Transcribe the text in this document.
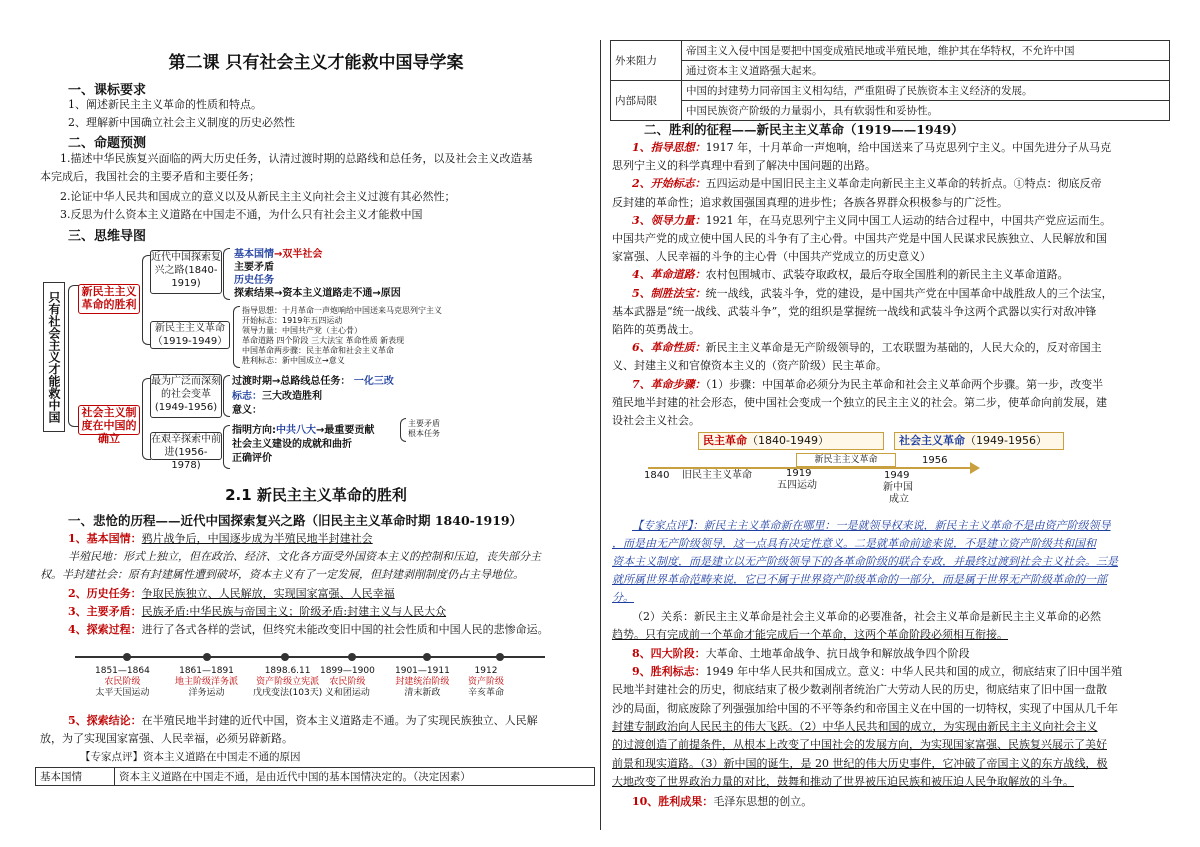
第二课 只有社会主义才能救中国导学案
一、课标要求
1、阐述新民主主义革命的性质和特点。
2、理解新中国确立社会主义制度的历史必然性
二、命题预测
1.描述中华民族复兴面临的两大历史任务，认清过渡时期的总路线和总任务，以及社会主义改造基
本完成后，我国社会的主要矛盾和主要任务；
2.论证中华人民共和国成立的意义以及从新民主主义向社会主义过渡有其必然性；
3.反思为什么资本主义道路在中国走不通，为什么只有社会主义才能救中国
三、思维导图
只有社会主义才能救中国	新民主主义革命的胜利
近代中国探索复兴之路(1840-1919)
基本国情→双半社会
主要矛盾
历史任务
探索结果→资本主义道路走不通→原因
新民主主义革命（1919-1949）
指导思想：十月革命一声炮响给中国送来马克思列宁主义
开始标志：1919年五四运动
领导力量：中国共产党（主心骨）
革命道路 四个阶段 三大法宝 革命性质 新表现
中国革命两步骤：民主革命和社会主义革命
胜利标志：新中国成立→意义
社会主义制度在中国的确立
最为广泛而深刻的社会变革(1949-1956)
过渡时期→总路线总任务： 一化三改
标志：三大改造胜利
意义：
在艰辛探索中前进(1956-1978)
指明方向:中共八大→最重要贡献
主要矛盾
根本任务
社会主义建设的成就和曲折
正确评价
2.1 新民主主义革命的胜利
一、悲怆的历程——近代中国探索复兴之路（旧民主主义革命时期 1840-1919）
1、基本国情：鸦片战争后，中国逐步成为半殖民地半封建社会
半殖民地：形式上独立，但在政治、经济、文化各方面受外国资本主义的控制和压迫，丧失部分主
权。半封建社会：原有封建属性遭到破坏，资本主义有了一定发展，但封建剥削制度仍占主导地位。
2、历史任务：争取民族独立、人民解放，实现国家富强、人民幸福
3、主要矛盾：民族矛盾:中华民族与帝国主义；阶级矛盾:封建主义与人民大众
4、探索过程：进行了各式各样的尝试，但终究未能改变旧中国的社会性质和中国人民的悲惨命运。
1851—1864
农民阶级
太平天国运动
1861—1891
地主阶级洋务派
洋务运动
1898.6.11
资产阶级立宪派
戊戌变法(103天)
1899—1900
农民阶级
义和团运动
1901—1911
封建统治阶级
清末新政
1912
资产阶级
辛亥革命
5、探索结论：在半殖民地半封建的近代中国，资本主义道路走不通。为了实现民族独立、人民解
放，为了实现国家富强、人民幸福，必须另辟新路。
【专家点评】资本主义道路在中国走不通的原因
基本国情	资本主义道路在中国走不通，是由近代中国的基本国情决定的。（决定因素）
外来阻力	帝国主义入侵中国是要把中国变成殖民地或半殖民地，维护其在华特权，不允许中国
	通过资本主义道路强大起来。
内部局限	中国的封建势力同帝国主义相勾结，严重阻碍了民族资本主义经济的发展。
	中国民族资产阶级的力量弱小，具有软弱性和妥协性。
二、胜利的征程——新民主主义革命（1919——1949）
1、指导思想：1917 年，十月革命一声炮响，给中国送来了马克思列宁主义。中国先进分子从马克
思列宁主义的科学真理中看到了解决中国问题的出路。
2、开始标志：五四运动是中国旧民主主义革命走向新民主主义革命的转折点。①特点：彻底反帝
反封建的革命性；追求救国强国真理的进步性；各族各界群众积极参与的广泛性。
3、领导力量：1921 年，在马克思列宁主义同中国工人运动的结合过程中，中国共产党应运而生。
中国共产党的成立使中国人民的斗争有了主心骨。中国共产党是中国人民谋求民族独立、人民解放和国
家富强、人民幸福的斗争的主心骨（中国共产党成立的历史意义）
4、革命道路：农村包围城市、武装夺取政权，最后夺取全国胜利的新民主主义革命道路。
5、制胜法宝：统一战线，武装斗争，党的建设，是中国共产党在中国革命中战胜敌人的三个法宝，
基本武器是“统一战线、武装斗争”，党的组织是掌握统一战线和武装斗争这两个武器以实行对敌冲锋
陷阵的英勇战士。
6、革命性质：新民主主义革命是无产阶级领导的，工农联盟为基础的，人民大众的，反对帝国主
义、封建主义和官僚资本主义的（资产阶级）民主革命。
7、革命步骤：（1）步骤：中国革命必须分为民主革命和社会主义革命两个步骤。第一步，改变半
殖民地半封建的社会形态，使中国社会变成一个独立的民主主义的社会。第二步，使革命向前发展，建
设社会主义社会。
民主革命（1840-1949）	社会主义革命（1949-1956）
新民主主义革命
1840 旧民主主义革命	1919
五四运动
1949
新中国
成立
1956
【专家点评】：新民主主义革命新在哪里：一是就领导权来说，新民主主义革命不是由资产阶级领导
，而是由无产阶级领导，这一点具有决定性意义。二是就革命前途来说，不是建立资产阶级共和国和
资本主义制度，而是建立以无产阶级领导下的各革命阶级的联合专政，并最终过渡到社会主义社会。三是
就所属世界革命范畴来说，它已不属于世界资产阶级革命的一部分，而是属于世界无产阶级革命的一部
分。
（2）关系：新民主主义革命是社会主义革命的必要准备，社会主义革命是新民主主义革命的必然
趋势。只有完成前一个革命才能完成后一个革命，这两个革命阶段必须相互衔接。
8、四大阶段：大革命、土地革命战争、抗日战争和解放战争四个阶段
9、胜利标志：1949 年中华人民共和国成立。意义：中华人民共和国的成立，彻底结束了旧中国半殖
民地半封建社会的历史，彻底结束了极少数剥削者统治广大劳动人民的历史，彻底结束了旧中国一盘散
沙的局面，彻底废除了列强强加给中国的不平等条约和帝国主义在中国的一切特权，实现了中国从几千年
封建专制政治向人民民主的伟大飞跃。（2）中华人民共和国的成立，为实现由新民主主义向社会主义
的过渡创造了前提条件，从根本上改变了中国社会的发展方向，为实现国家富强、民族复兴展示了美好
前景和现实道路。（3）新中国的诞生，是 20 世纪的伟大历史事件，它冲破了帝国主义的东方战线，极
大地改变了世界政治力量的对比，鼓舞和推动了世界被压迫民族和被压迫人民争取解放的斗争。
10、胜利成果：毛泽东思想的创立。
